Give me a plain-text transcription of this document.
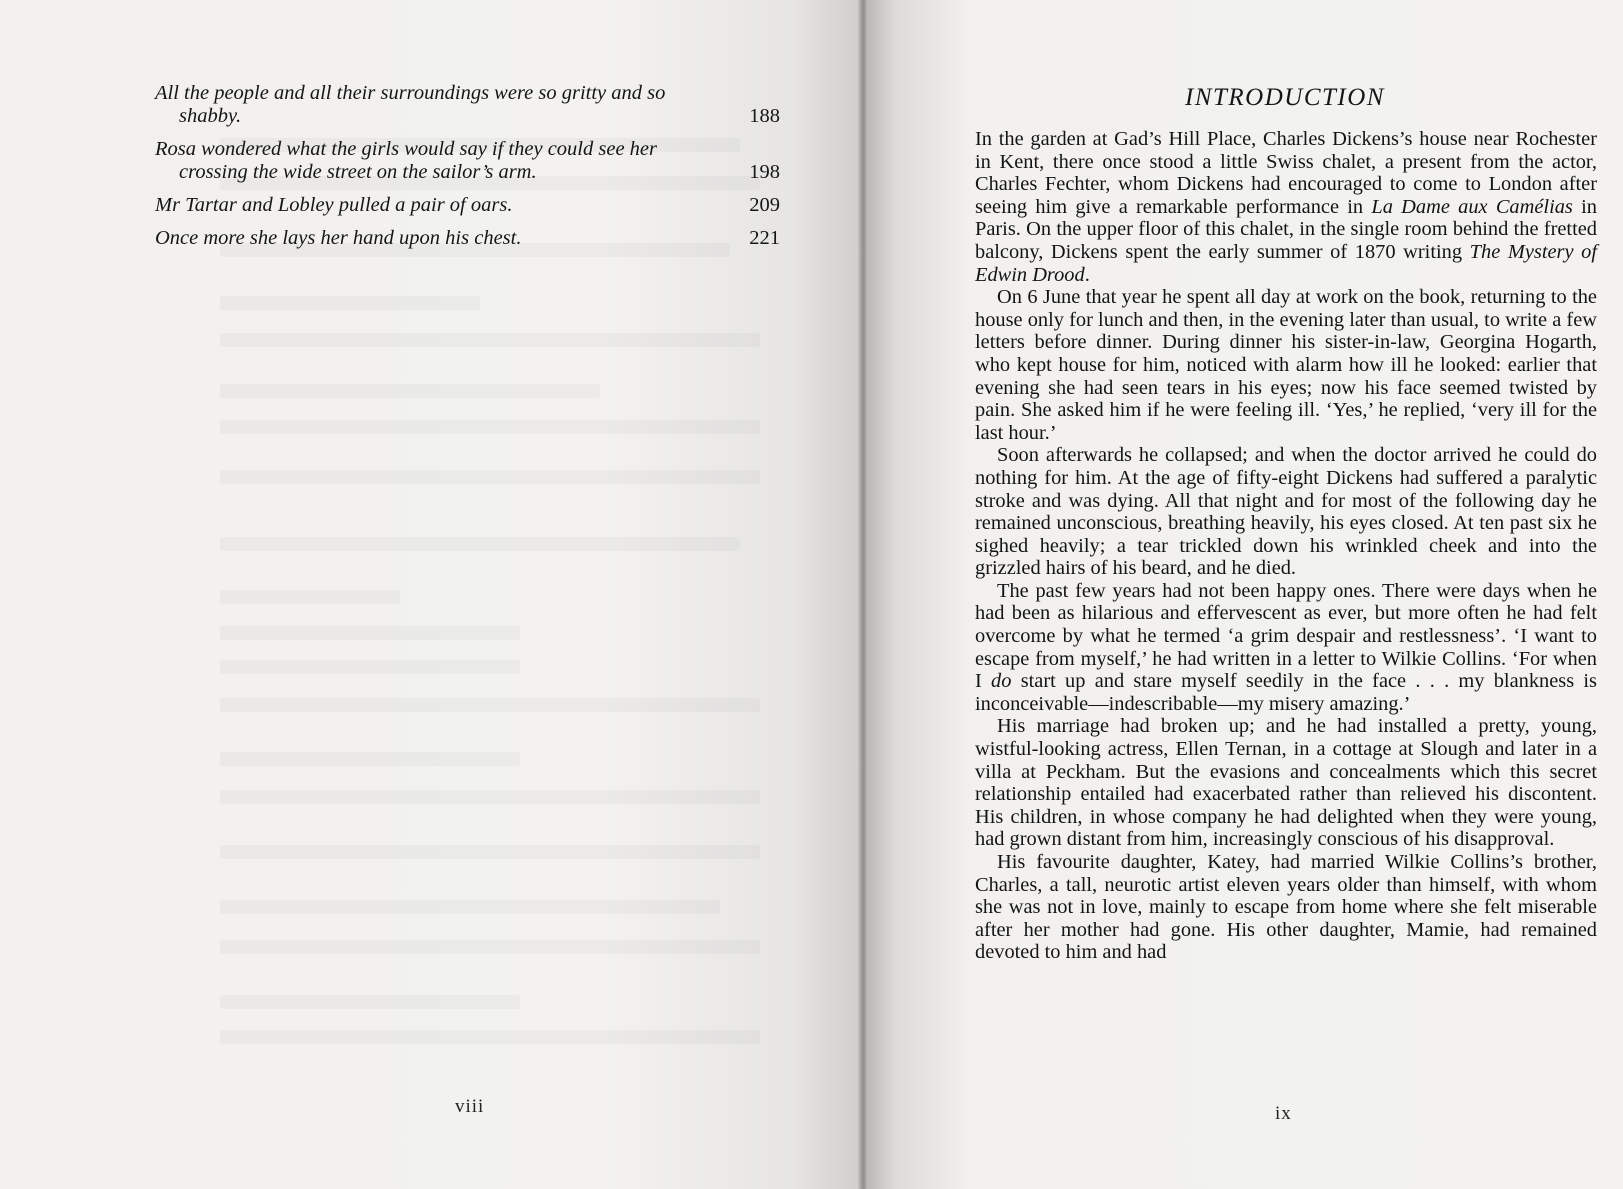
All the people and all their surroundings were so gritty and so shabby.	188
Rosa wondered what the girls would say if they could see her crossing the wide street on the sailor’s arm.	198
Mr Tartar and Lobley pulled a pair of oars.	209
Once more she lays her hand upon his chest.	221
viii
INTRODUCTION

In the garden at Gad’s Hill Place, Charles Dickens’s house near Rochester in Kent, there once stood a little Swiss chalet, a present from the actor, Charles Fechter, whom Dickens had encouraged to come to London after seeing him give a remarkable performance in La Dame aux Camélias in Paris. On the upper floor of this chalet, in the single room behind the fretted balcony, Dickens spent the early summer of 1870 writing The Mystery of Edwin Drood.

On 6 June that year he spent all day at work on the book, returning to the house only for lunch and then, in the evening later than usual, to write a few letters before dinner. During dinner his sister-in-law, Georgina Hogarth, who kept house for him, noticed with alarm how ill he looked: earlier that evening she had seen tears in his eyes; now his face seemed twisted by pain. She asked him if he were feeling ill. ‘Yes,’ he replied, ‘very ill for the last hour.’

Soon afterwards he collapsed; and when the doctor arrived he could do nothing for him. At the age of fifty-eight Dickens had suffered a paralytic stroke and was dying. All that night and for most of the following day he remained unconscious, breathing heavily, his eyes closed. At ten past six he sighed heavily; a tear trickled down his wrinkled cheek and into the grizzled hairs of his beard, and he died.

The past few years had not been happy ones. There were days when he had been as hilarious and effervescent as ever, but more often he had felt overcome by what he termed ‘a grim despair and restlessness’. ‘I want to escape from myself,’ he had written in a letter to Wilkie Collins. ‘For when I do start up and stare myself seedily in the face . . . my blankness is inconceivable—indescribable—my misery amazing.’

His marriage had broken up; and he had installed a pretty, young, wistful-looking actress, Ellen Ternan, in a cottage at Slough and later in a villa at Peckham. But the evasions and concealments which this secret relationship entailed had exacerbated rather than relieved his discontent. His children, in whose company he had delighted when they were young, had grown distant from him, increasingly conscious of his disapproval.

His favourite daughter, Katey, had married Wilkie Collins’s brother, Charles, a tall, neurotic artist eleven years older than himself, with whom she was not in love, mainly to escape from home where she felt miserable after her mother had gone. His other daughter, Mamie, had remained devoted to him and had

ix
